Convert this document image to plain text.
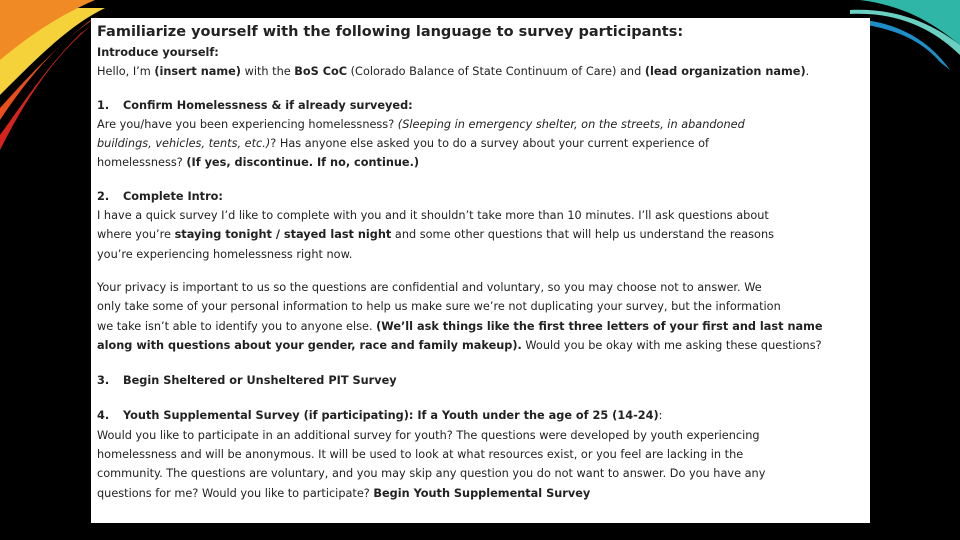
Familiarize yourself with the following language to survey participants:

Introduce yourself:

Hello, I’m (insert name) with the BoS CoC (Colorado Balance of State Continuum of Care) and (lead organization name).

1. Confirm Homelessness & if already surveyed:

Are you/have you been experiencing homelessness? (Sleeping in emergency shelter, on the streets, in abandoned
buildings, vehicles, tents, etc.)? Has anyone else asked you to do a survey about your current experience of
homelessness? (If yes, discontinue. If no, continue.)

2. Complete Intro:

I have a quick survey I’d like to complete with you and it shouldn’t take more than 10 minutes. I’ll ask questions about
where you’re staying tonight / stayed last night and some other questions that will help us understand the reasons
you’re experiencing homelessness right now.

Your privacy is important to us so the questions are confidential and voluntary, so you may choose not to answer. We
only take some of your personal information to help us make sure we’re not duplicating your survey, but the information
we take isn’t able to identify you to anyone else. (We’ll ask things like the first three letters of your first and last name
along with questions about your gender, race and family makeup). Would you be okay with me asking these questions?

3. Begin Sheltered or Unsheltered PIT Survey

4. Youth Supplemental Survey (if participating): If a Youth under the age of 25 (14-24):

Would you like to participate in an additional survey for youth? The questions were developed by youth experiencing
homelessness and will be anonymous. It will be used to look at what resources exist, or you feel are lacking in the
community. The questions are voluntary, and you may skip any question you do not want to answer. Do you have any
questions for me? Would you like to participate? Begin Youth Supplemental Survey
